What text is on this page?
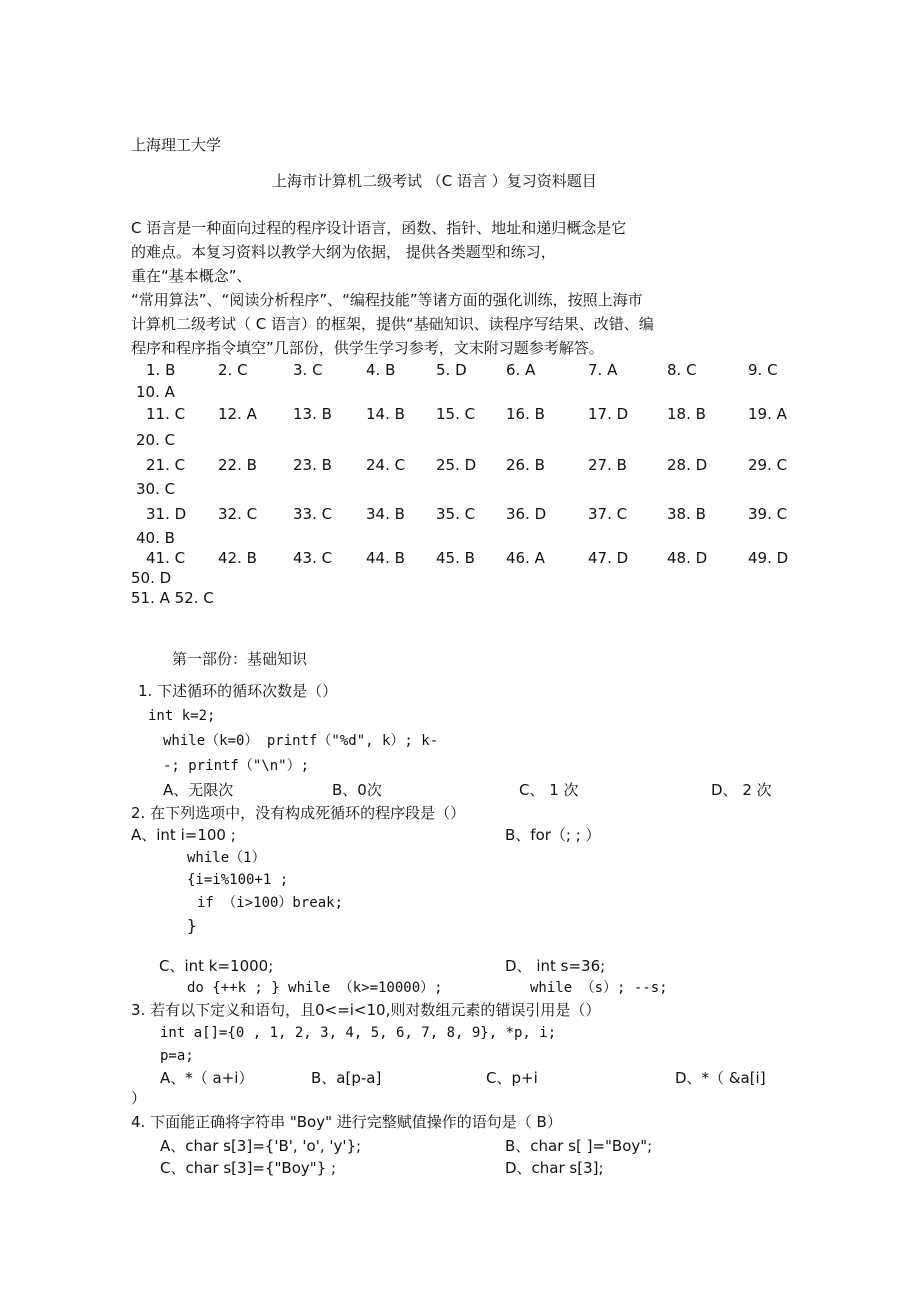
上海理工大学
上海市计算机二级考试 （C 语言 ）复习资料题目
C 语言是一种面向过程的程序设计语言，函数、指针、地址和递归概念是它
的难点。本复习资料以教学大纲为依据， 提供各类题型和练习，
重在“基本概念”、
“常用算法”、“阅读分析程序”、“编程技能”等诸方面的强化训练，按照上海市
计算机二级考试（ C 语言）的框架，提供“基础知识、读程序写结果、改错、编
程序和程序指令填空”几部份，供学生学习参考，文末附习题参考解答。
1. B	2. C	3. C	4. B	5. D	6. A	7. A	8. C	9. C
10. A
11. C 12. A 13. B 14. B 15. C 16. B	17. D	18. B	19. A
20. C
21. C 22. B 23. B 24. C 25. D 26. B	27. B	28. D	29. C
30. C
31. D 32. C 33. C 34. B 35. C 36. D	37. C	38. B	39. C
40. B
41. C 42. B 43. C 44. B 45. B 46. A	47. D	48. D	49. D
50. D
51. A 52. C
第一部份：基础知识
1. 下述循环的循环次数是（）
int k=2;
while（k=0） printf（"%d", k）; k-
-; printf（"\n"）;
A、无限次	B、0次	C、 1 次	D、 2 次
2. 在下列选项中，没有构成死循环的程序段是（）
A、int i=100 ;	B、for（; ; ）
while（1）
{i=i%100+1 ;
if （i>100）break;
}
C、int k=1000;	D、 int s=36;
do {++k ; } while （k>=10000）;	while （s）; --s;
3. 若有以下定义和语句，且0<=i<10,则对数组元素的错误引用是（）
int a[]={0 , 1, 2, 3, 4, 5, 6, 7, 8, 9}, *p, i;
p=a;
A、*（ a+i）	B、a[p-a]	C、p+i	D、*（ &a[i]
）
4. 下面能正确将字符串 "Boy" 进行完整赋值操作的语句是（ B）
A、char s[3]={'B', 'o', 'y'};	B、char s[ ]="Boy";
C、char s[3]={"Boy"} ;	D、char s[3];
